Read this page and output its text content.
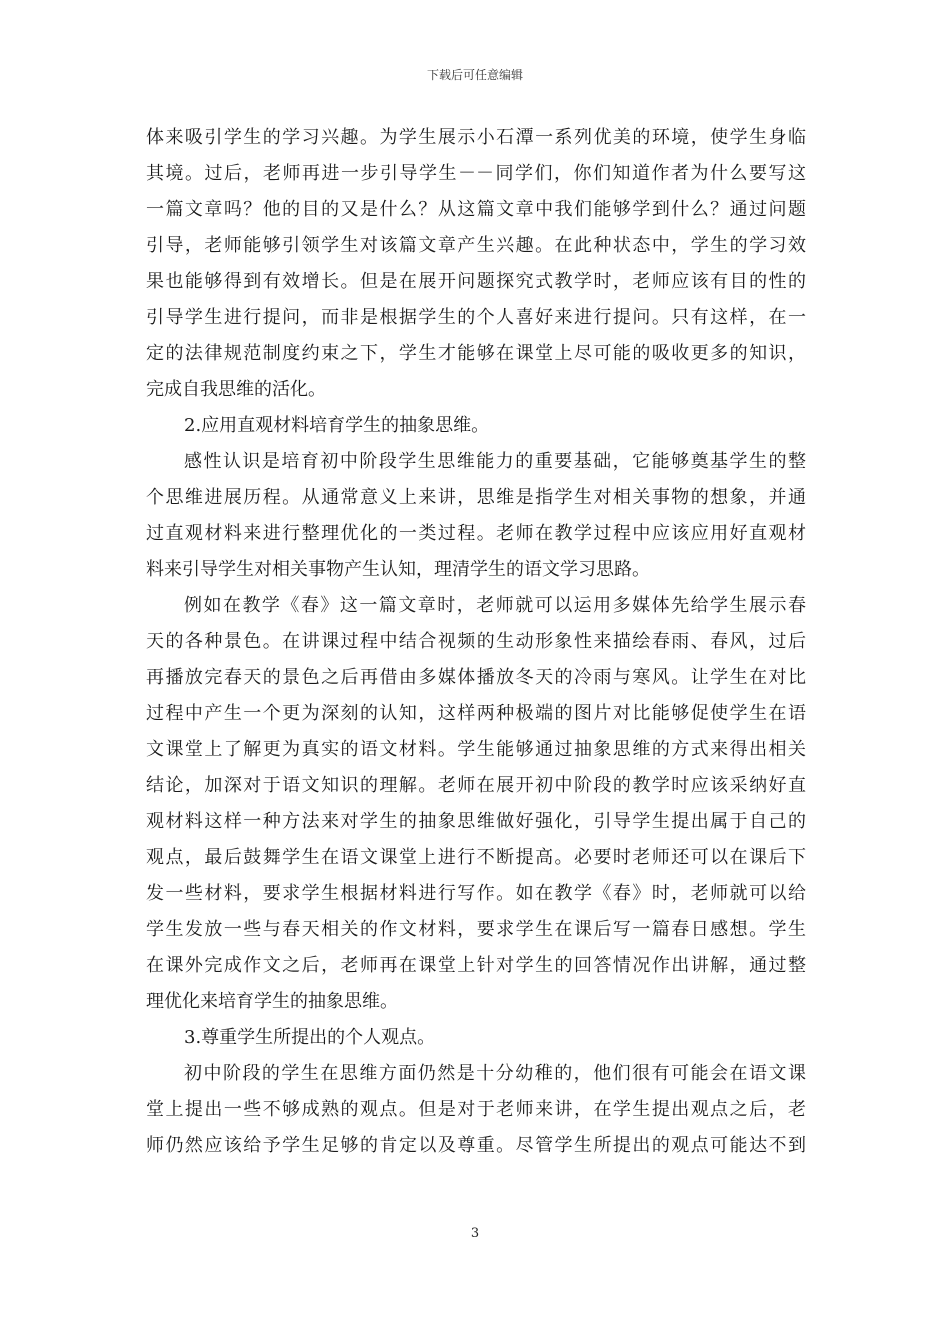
下载后可任意编辑
体来吸引学生的学习兴趣。为学生展示小石潭一系列优美的环境，使学生身临
其境。过后，老师再进一步引导学生－－同学们，你们知道作者为什么要写这
一篇文章吗？他的目的又是什么？从这篇文章中我们能够学到什么？通过问题
引导，老师能够引领学生对该篇文章产生兴趣。在此种状态中，学生的学习效
果也能够得到有效增长。但是在展开问题探究式教学时，老师应该有目的性的
引导学生进行提问，而非是根据学生的个人喜好来进行提问。只有这样，在一
定的法律规范制度约束之下，学生才能够在课堂上尽可能的吸收更多的知识，
完成自我思维的活化。
2.应用直观材料培育学生的抽象思维。
感性认识是培育初中阶段学生思维能力的重要基础，它能够奠基学生的整
个思维进展历程。从通常意义上来讲，思维是指学生对相关事物的想象，并通
过直观材料来进行整理优化的一类过程。老师在教学过程中应该应用好直观材
料来引导学生对相关事物产生认知，理清学生的语文学习思路。
例如在教学《春》这一篇文章时，老师就可以运用多媒体先给学生展示春
天的各种景色。在讲课过程中结合视频的生动形象性来描绘春雨、春风，过后
再播放完春天的景色之后再借由多媒体播放冬天的冷雨与寒风。让学生在对比
过程中产生一个更为深刻的认知，这样两种极端的图片对比能够促使学生在语
文课堂上了解更为真实的语文材料。学生能够通过抽象思维的方式来得出相关
结论，加深对于语文知识的理解。老师在展开初中阶段的教学时应该采纳好直
观材料这样一种方法来对学生的抽象思维做好强化，引导学生提出属于自己的
观点，最后鼓舞学生在语文课堂上进行不断提高。必要时老师还可以在课后下
发一些材料，要求学生根据材料进行写作。如在教学《春》时，老师就可以给
学生发放一些与春天相关的作文材料，要求学生在课后写一篇春日感想。学生
在课外完成作文之后，老师再在课堂上针对学生的回答情况作出讲解，通过整
理优化来培育学生的抽象思维。
3.尊重学生所提出的个人观点。
初中阶段的学生在思维方面仍然是十分幼稚的，他们很有可能会在语文课
堂上提出一些不够成熟的观点。但是对于老师来讲，在学生提出观点之后，老
师仍然应该给予学生足够的肯定以及尊重。尽管学生所提出的观点可能达不到
3
